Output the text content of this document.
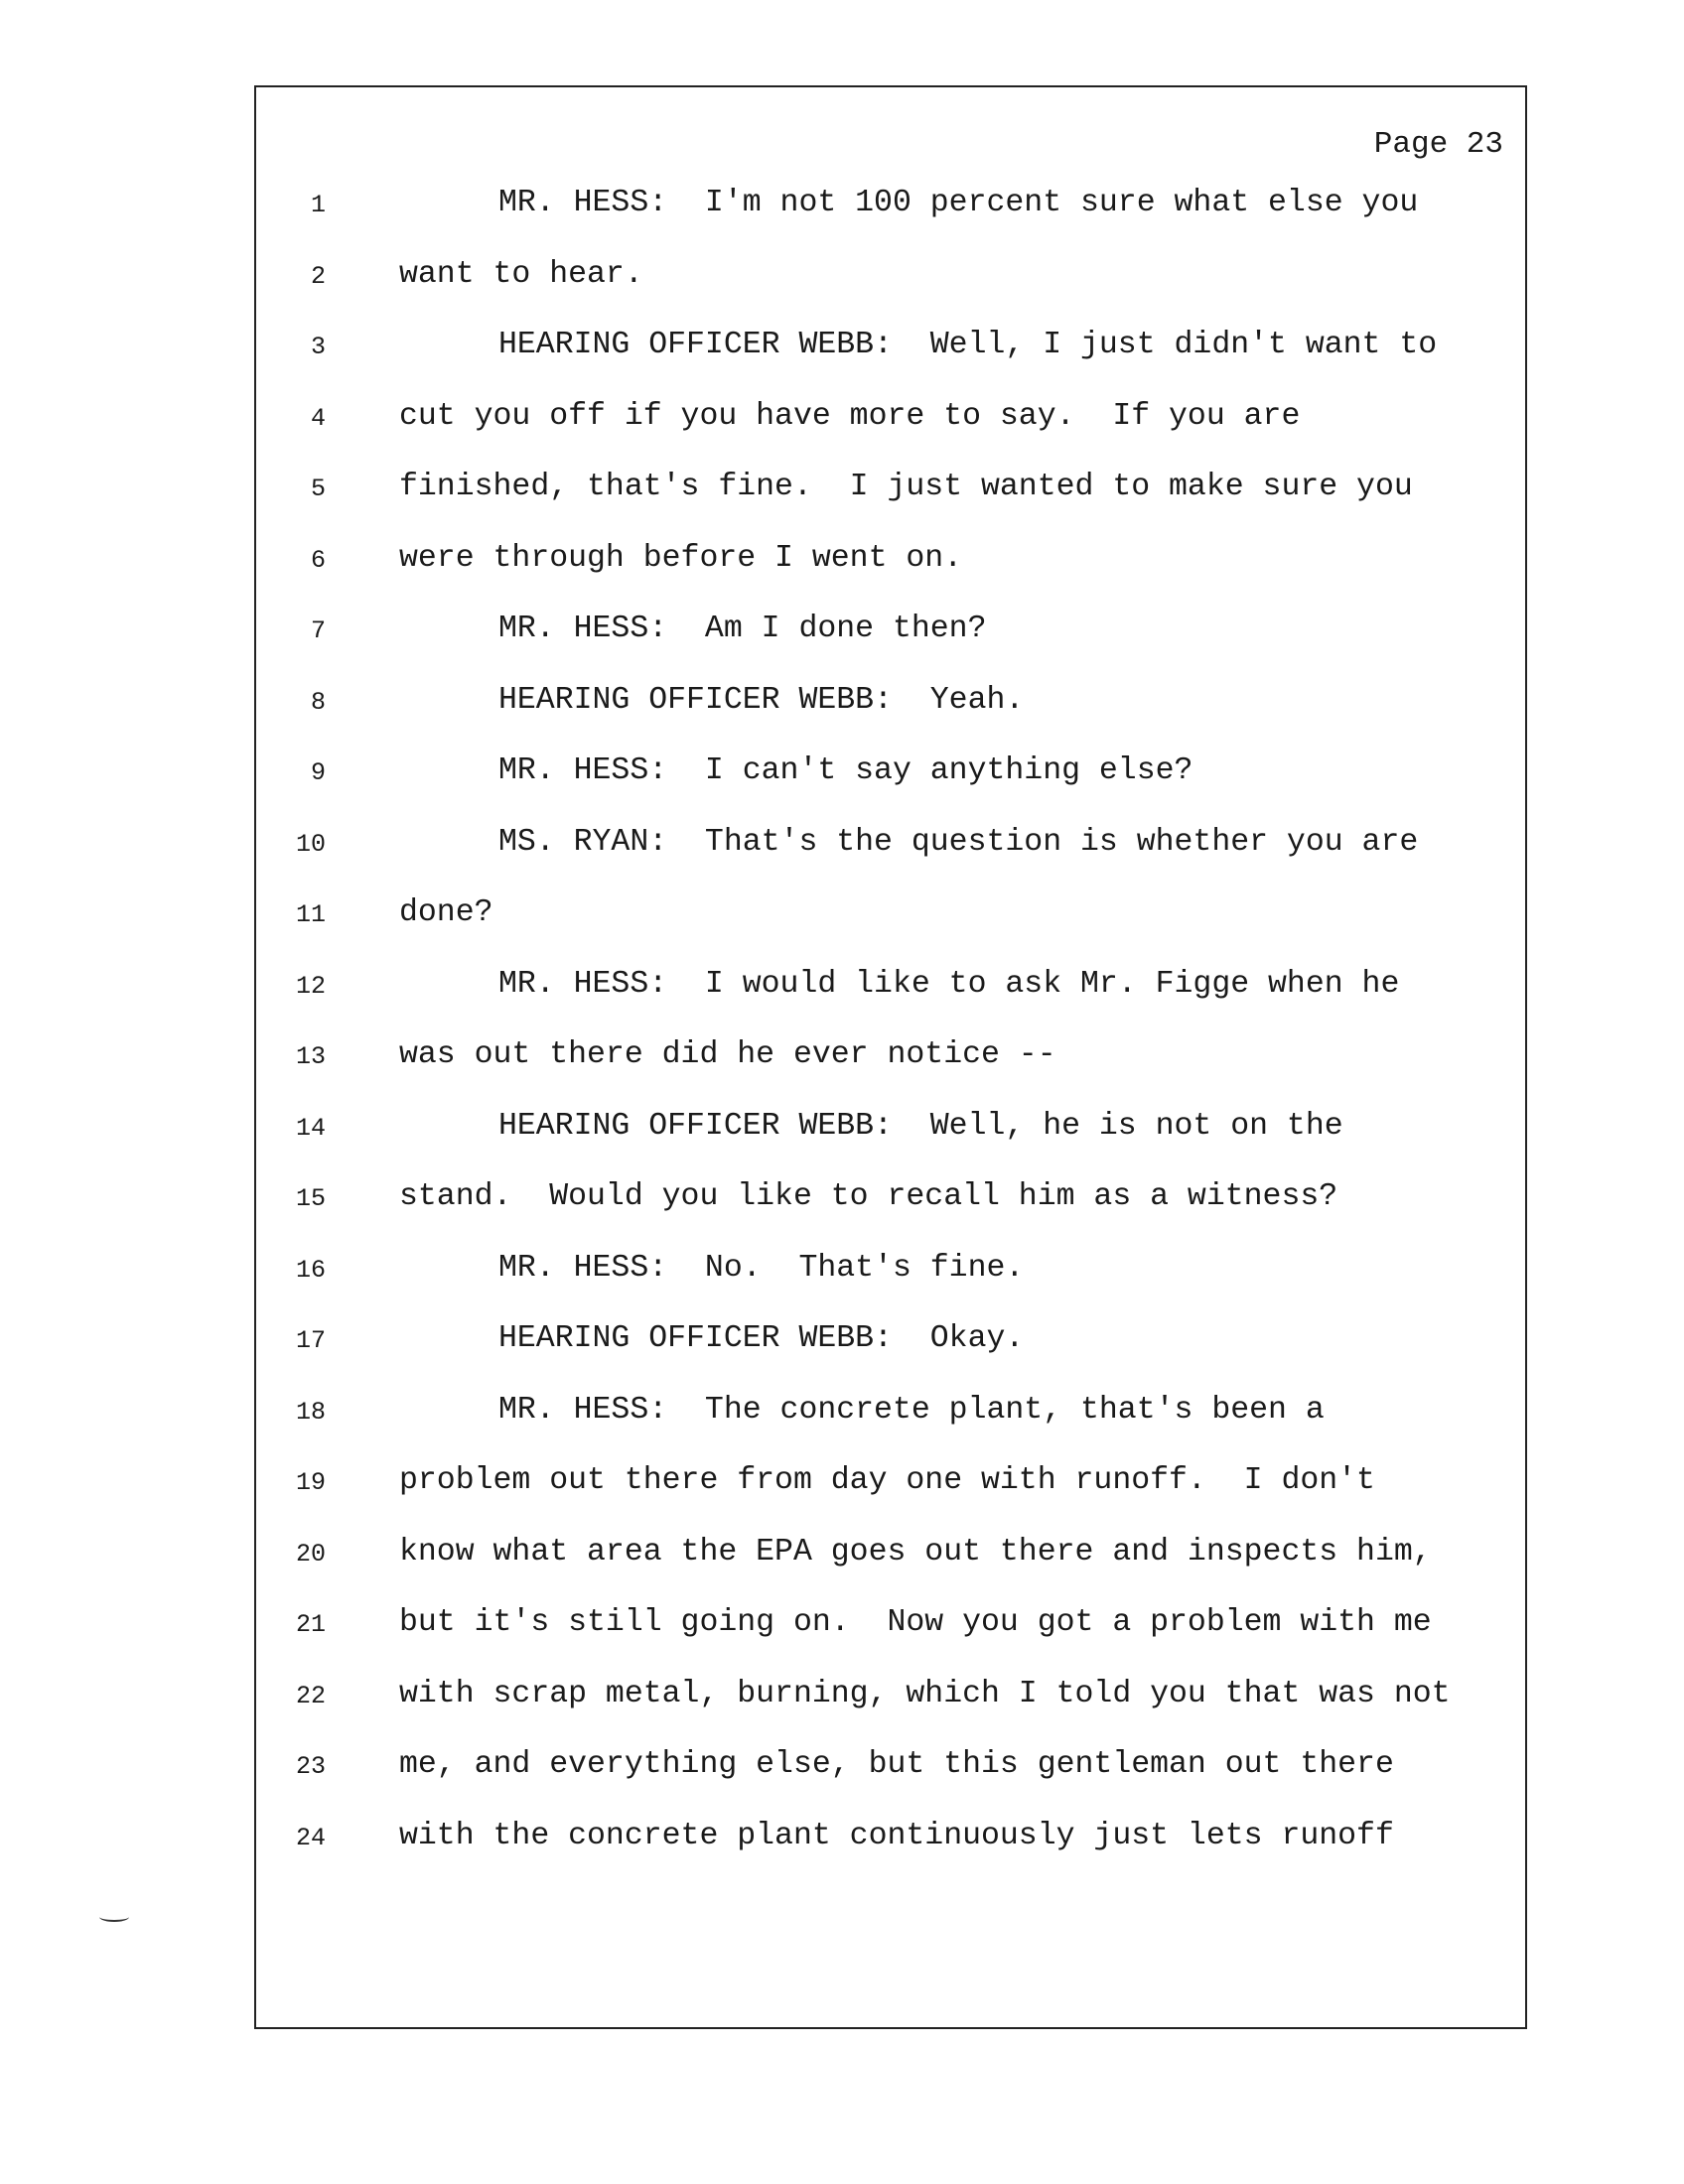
Page 23
1	MR. HESS:  I'm not 100 percent sure what else you
2 want to hear.
3	HEARING OFFICER WEBB:  Well, I just didn't want to
4 cut you off if you have more to say.  If you are
5 finished, that's fine.  I just wanted to make sure you
6 were through before I went on.
7	MR. HESS:  Am I done then?
8	HEARING OFFICER WEBB:  Yeah.
9	MR. HESS:  I can't say anything else?
10	MS. RYAN:  That's the question is whether you are
11 done?
12	MR. HESS:  I would like to ask Mr. Figge when he
13 was out there did he ever notice --
14	HEARING OFFICER WEBB:  Well, he is not on the
15 stand.  Would you like to recall him as a witness?
16	MR. HESS:  No.  That's fine.
17	HEARING OFFICER WEBB:  Okay.
18	MR. HESS:  The concrete plant, that's been a
19 problem out there from day one with runoff.  I don't
20 know what area the EPA goes out there and inspects him,
21 but it's still going on.  Now you got a problem with me
22 with scrap metal, burning, which I told you that was not
23 me, and everything else, but this gentleman out there
24 with the concrete plant continuously just lets runoff
